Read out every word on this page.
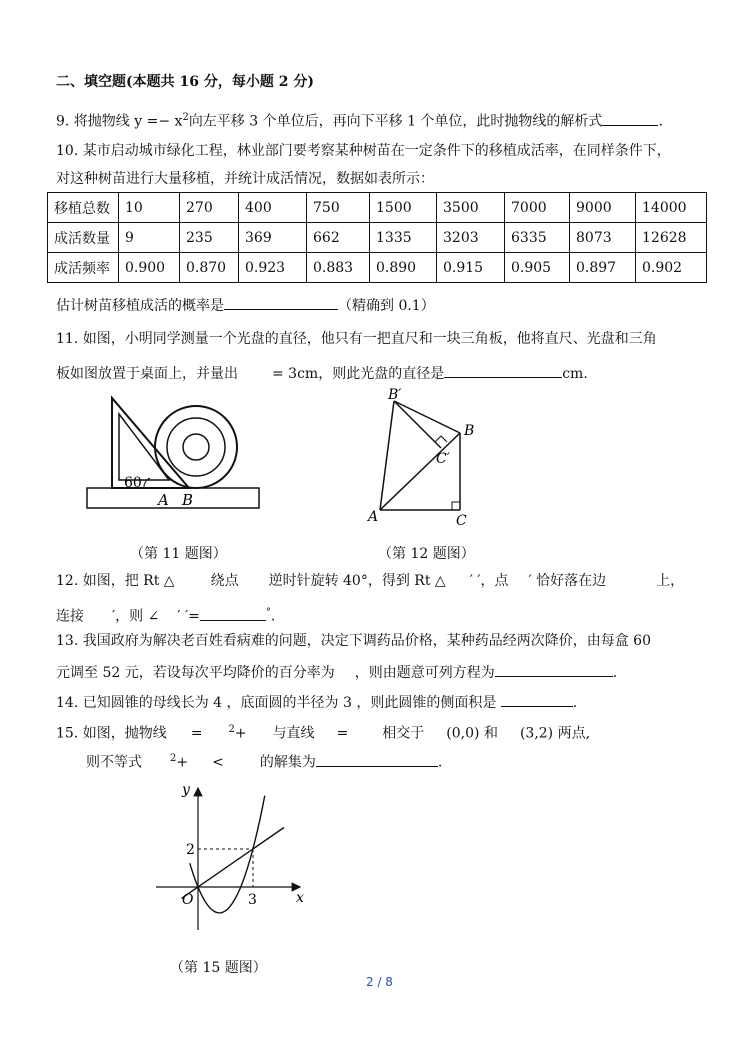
二、填空题(本题共 16 分，每小题 2 分)
9. 将抛物线 $y =- x^2$向左平移 3 个单位后，再向下平移 1 个单位，此时抛物线的解析式	.
10. 某市启动城市绿化工程，林业部门要考察某种树苗在一定条件下的移植成活率，在同样条件下，
对这种树苗进行大量移植，并统计成活情况，数据如表所示：
移植总数	10	270	400	750	1500	3500	7000	9000	14000
成活数量	9	235	369	662	1335	3203	6335	8073	12628
成活频率	0.900	0.870	0.923	0.883	0.890	0.915	0.905	0.897	0.902
估计树苗移植成活的概率是	（精确到 0.1）
11. 如图，小明同学测量一个光盘的直径，他只有一把直尺和一块三角板，他将直尺、光盘和三角
板如图放置于桌面上，并量出 = 3cm，则此光盘的直径是	cm.
60
A B
（第 11 题图）
B′
B
C′
A	C
（第 12 题图）
12. 如图，把 Rt △	绕点 逆时针旋转 40°，得到 Rt △ ′ ′，点 ′ 恰好落在边	上，
连接 ′，则 ∠ ′ ′=	°.
13. 我国政府为解决老百姓看病难的问题，决定下调药品价格，某种药品经两次降价，由每盒 60
元调至 52 元，若设每次平均降价的百分率为 ，则由题意可列方程为	.
14. 已知圆锥的母线长为 4 ，底面圆的半径为 3 ，则此圆锥的侧面积是	.
15. 如图，抛物线 =	$^2$+ 与直线 = 相交于 (0,0) 和 (3,2) 两点,
则不等式	$^2$+ <	的解集为	.
y
x
O
2
3
（第 15 题图）
2 / 8
